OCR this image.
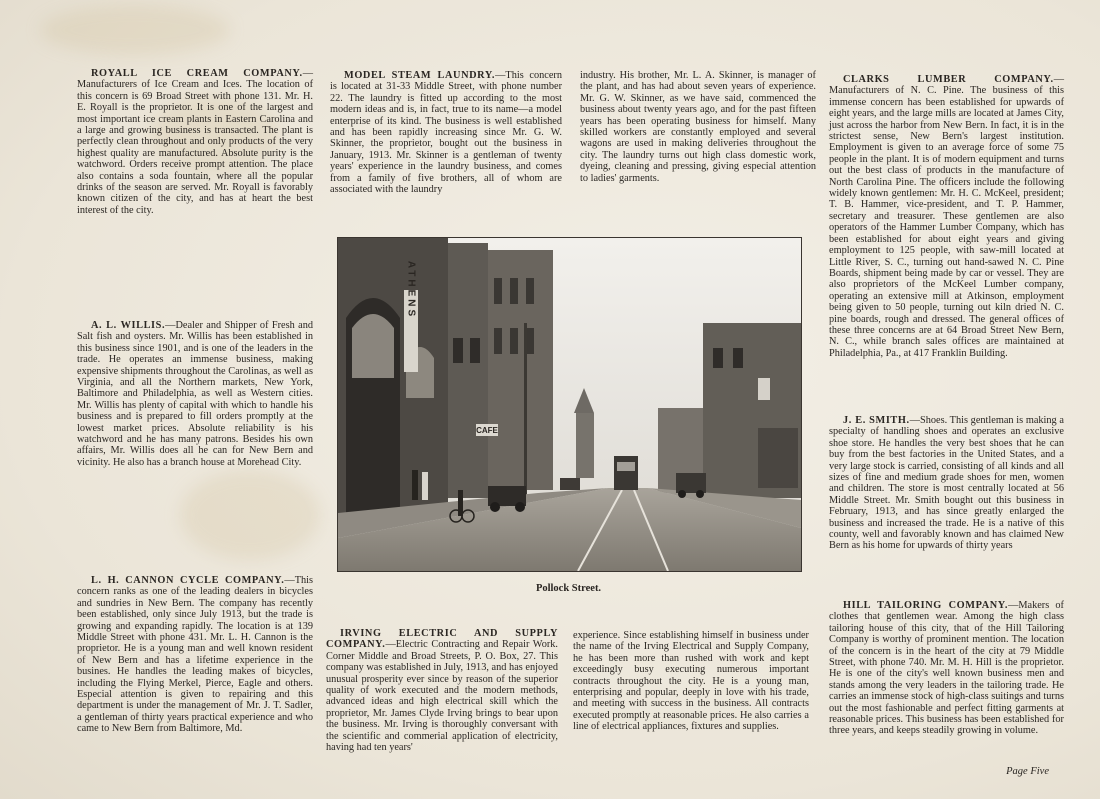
ROYALL ICE CREAM COMPANY.—Manufacturers of Ice Cream and Ices. The location of this concern is 69 Broad Street with phone 131. Mr. H. E. Royall is the proprietor. It is one of the largest and most important ice cream plants in Eastern Carolina and a large and growing business is transacted. The plant is perfectly clean throughout and only products of the very highest quality are manufactured. Absolute purity is the watchword. Orders receive prompt attention. The place also contains a soda fountain, where all the popular drinks of the season are served. Mr. Royall is favorably known citizen of the city, and has at heart the best interest of the city.

A. L. WILLIS.—Dealer and Shipper of Fresh and Salt fish and oysters. Mr. Willis has been established in this business since 1901, and is one of the leaders in the trade. He operates an immense business, making expensive shipments throughout the Carolinas, as well as Virginia, and all the Northern markets, New York, Baltimore and Philadelphia, as well as Western cities. Mr. Willis has plenty of capital with which to handle his business and is prepared to fill orders promptly at the lowest market prices. Absolute reliability is his watchword and he has many patrons. Besides his own affairs, Mr. Willis does all he can for New Bern and vicinity. He also has a branch house at Morehead City.

L. H. CANNON CYCLE COMPANY.—This concern ranks as one of the leading dealers in bicycles and sundries in New Bern. The company has recently been established, only since July 1913, but the trade is growing and expanding rapidly. The location is at 139 Middle Street with phone 431. Mr. L. H. Cannon is the proprietor. He is a young man and well known resident of New Bern and has a lifetime experience in the busines. He handles the leading makes of bicycles, including the Flying Merkel, Pierce, Eagle and others. Especial attention is given to repairing and this department is under the management of Mr. J. T. Sadler, a gentleman of thirty years practical experience and who came to New Bern from Baltimore, Md.

MODEL STEAM LAUNDRY.—This concern is located at 31-33 Middle Street, with phone number 22. The laundry is fitted up according to the most modern ideas and is, in fact, true to its name—a model enterprise of its kind. The business is well established and has been rapidly increasing since Mr. G. W. Skinner, the proprietor, bought out the business in January, 1913. Mr. Skinner is a gentleman of twenty years' experience in the laundry business, and comes from a family of five brothers, all of whom are associated with the laundry

industry. His brother, Mr. L. A. Skinner, is manager of the plant, and has had about seven years of experience. Mr. G. W. Skinner, as we have said, commenced the business about twenty years ago, and for the past fifteen years has been operating business for himself. Many skilled workers are constantly employed and several wagons are used in making deliveries throughout the city. The laundry turns out high class domestic work, dyeing, cleaning and pressing, giving especial attention to ladies' garments.

CLARKS LUMBER COMPANY.—Manufacturers of N. C. Pine. The business of this immense concern has been established for upwards of eight years, and the large mills are located at James City, just across the harbor from New Bern. In fact, it is in the strictest sense, New Bern's largest institution. Employment is given to an average force of some 75 people in the plant. It is of modern equipment and turns out the best class of products in the manufacture of North Carolina Pine. The officers include the following widely known gentlemen: Mr. H. C. McKeel, president; T. B. Hammer, vice-president, and T. P. Hammer, secretary and treasurer. These gentlemen are also operators of the Hammer Lumber Company, which has been established for about eight years and giving employment to 125 people, with saw-mill located at Little River, S. C., turning out hand-sawed N. C. Pine Boards, shipment being made by car or vessel. They are also proprietors of the McKeel Lumber company, operating an extensive mill at Atkinson, employment being given to 50 people, turning out kiln dried N. C. pine boards, rough and dressed. The general offices of these three concerns are at 64 Broad Street New Bern, N. C., while branch sales offices are maintained at Philadelphia, Pa., at 417 Franklin Building.

J. E. SMITH.—Shoes. This gentleman is making a specialty of handling shoes and operates an exclusive shoe store. He handles the very best shoes that he can buy from the best factories in the United States, and a very large stock is carried, consisting of all kinds and all sizes of fine and medium grade shoes for men, women and children. The store is most centrally located at 56 Middle Street. Mr. Smith bought out this business in February, 1913, and has since greatly enlarged the business and increased the trade. He is a native of this county, well and favorably known and has claimed New Bern as his home for upwards of thirty years

HILL TAILORING COMPANY.—Makers of clothes that gentlemen wear. Among the high class tailoring house of this city, that of the Hill Tailoring Company is worthy of prominent mention. The location of the concern is in the heart of the city at 79 Middle Street, with phone 740. Mr. M. H. Hill is the proprietor. He is one of the city's well known business men and stands among the very leaders in the tailoring trade. He carries an immense stock of high-class suitings and turns out the most fashionable and perfect fitting garments at reasonable prices. This business has been established for three years, and keeps steadily growing in volume.

IRVING ELECTRIC AND SUPPLY COMPANY.—Electric Contracting and Repair Work. Corner Middle and Broad Streets, P. O. Box, 27. This company was established in July, 1913, and has enjoyed unusual prosperity ever since by reason of the superior quality of work executed and the modern methods, advanced ideas and high electrical skill which the proprietor, Mr. James Clyde Irving brings to bear upon the business. Mr. Irving is thoroughly conversant with the scientific and commerial application of electricity, having had ten years'

experience. Since establishing himself in business under the name of the Irving Electrical and Supply Company, he has been more than rushed with work and kept exceedingly busy executing numerous important contracts throughout the city. He is a young man, enterprising and popular, deeply in love with his trade, and meeting with success in the business. All contracts executed promptly at reasonable prices. He also carries a line of electrical appliances, fixtures and supplies.

ATHENS
CAFE
Pollock Street.
Page Five
